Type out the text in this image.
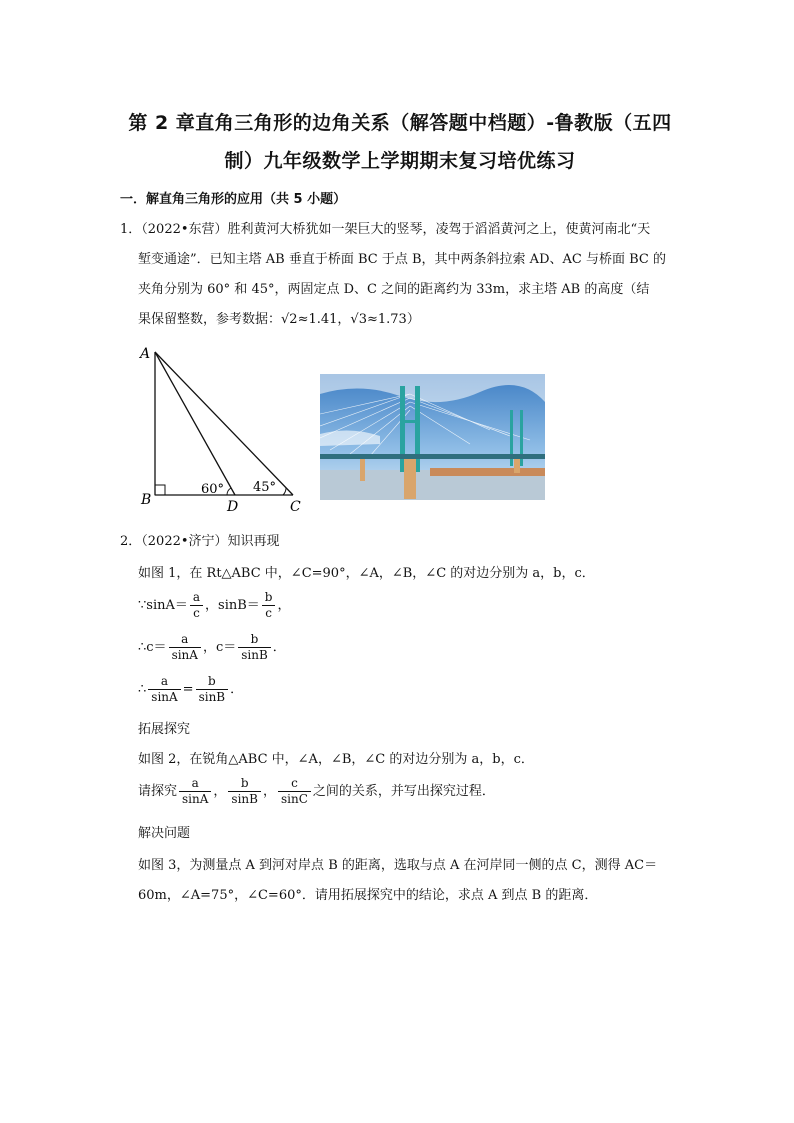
第 2 章直角三角形的边角关系（解答题中档题）-鲁教版（五四
制）九年级数学上学期期末复习培优练习
一．解直角三角形的应用（共 5 小题）
1．（2022•东营）胜利黄河大桥犹如一架巨大的竖琴，凌驾于滔滔黄河之上，使黄河南北“天
堑变通途”．已知主塔 AB 垂直于桥面 BC 于点 B，其中两条斜拉索 AD、AC 与桥面 BC 的
夹角分别为 60° 和 45°，两固定点 D、C 之间的距离约为 33m，求主塔 AB 的高度（结
果保留整数，参考数据：√2≈1.41，√3≈1.73）
A
B	D	C
60° 45°
2．（2022•济宁）知识再现
如图 1，在 Rt△ABC 中，∠C=90°，∠A，∠B，∠C 的对边分别为 a，b，c．
∵sinA＝ $\frac{a}{c}$ ，$\sin B= \frac{b}{c}$ ，
∴c＝ $\frac{a}{\sin A}$ ，$c= \frac{b}{\sin B}$ ．
∴ $\frac{a}{\sin A} = \frac{b}{\sin B}$ ．
拓展探究
如图 2，在锐角△ABC 中，∠A，∠B，∠C 的对边分别为 a，b，c．
请探究 $\frac{a}{\sin A}$ ， $\frac{b}{\sin B}$ ， $\frac{c}{\sin C}$ 之间的关系，并写出探究过程．
解决问题
如图 3，为测量点 A 到河对岸点 B 的距离，选取与点 A 在河岸同一侧的点 C，测得 AC＝
60m，∠A=75°，∠C=60°．请用拓展探究中的结论，求点 A 到点 B 的距离．
